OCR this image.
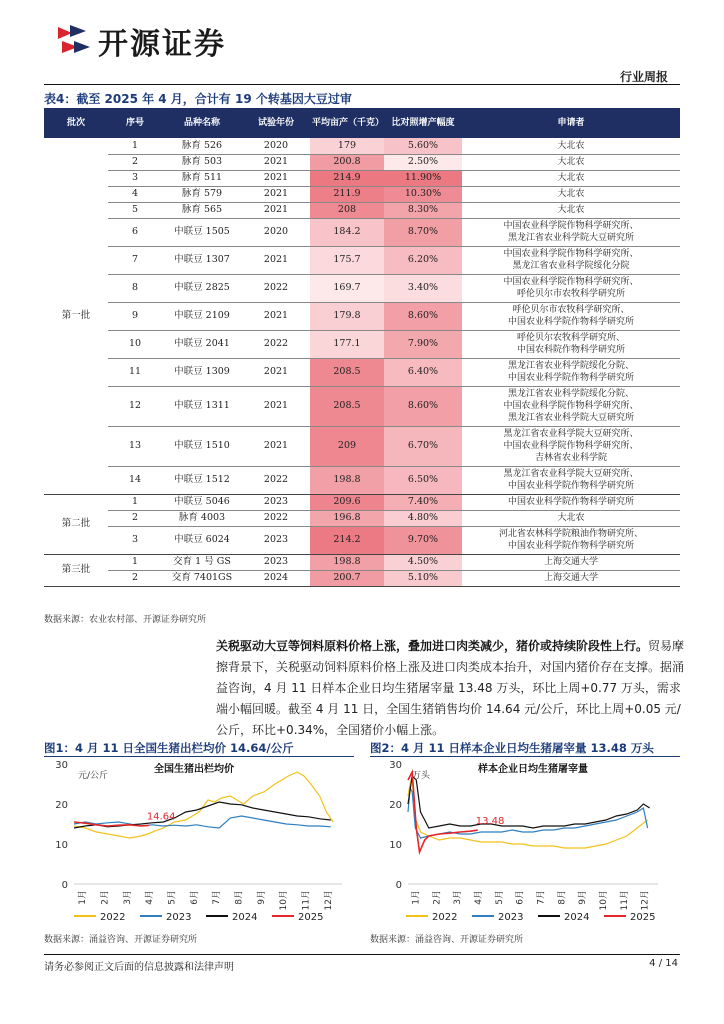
开源证券
行业周报
表4：截至 2025 年 4 月，合计有 19 个转基因大豆过审
批次	序号	品种名称	试验年份	平均亩产（千克）	比对照增产幅度	申请者
第一批	1	脉育 526	2020	179	5.60%	大北农

	2	脉育 503	2021	200.8	2.50%	大北农

	3	脉育 511	2021	214.9	11.90%	大北农

	4	脉育 579	2021	211.9	10.30%	大北农

	5	脉育 565	2021	208	8.30%	大北农

	6	中联豆 1505	2020	184.2	8.70%	中国农业科学院作物科学研究所、
黑龙江省农业科学院大豆研究所

	7	中联豆 1307	2021	175.7	6.20%	中国农业科学院作物科学研究所、
黑龙江省农业科学院绥化分院

	8	中联豆 2825	2022	169.7	3.40%	中国农业科学院作物科学研究所、
呼伦贝尔市农牧科学研究所

	9	中联豆 2109	2021	179.8	8.60%	呼伦贝尔市农牧科学研究所、
中国农业科学院作物科学研究所

	10	中联豆 2041	2022	177.1	7.90%	呼伦贝尔农牧科学研究所、
中国农科院作物科学研究所

	11	中联豆 1309	2021	208.5	6.40%	黑龙江省农业科学院绥化分院、
中国农业科学院作物科学研究所

	12	中联豆 1311	2021	208.5	8.60%	黑龙江省农业科学院绥化分院、
中国农业科学院作物科学研究所、
黑龙江省农业科学院大豆研究所

	13	中联豆 1510	2021	209	6.70%	黑龙江省农业科学院大豆研究所、
中国农业科学院作物科学研究所、
吉林省农业科学院

	14	中联豆 1512	2022	198.8	6.50%	黑龙江省农业科学院大豆研究所、
中国农业科学院作物科学研究所

第二批	1	中联豆 5046	2023	209.6	7.40%	中国农业科学院作物科学研究所

	2	脉育 4003	2022	196.8	4.80%	大北农

	3	中联豆 6024	2023	214.2	9.70%	河北省农林科学院粮油作物研究所、
中国农业科学院作物科学研究所

第三批	1	交育 1 号 GS	2023	198.8	4.50%	上海交通大学

	2	交育 7401GS	2024	200.7	5.10%	上海交通大学
数据来源：农业农村部、开源证券研究所
关税驱动大豆等饲料原料价格上涨，叠加进口肉类减少，猪价或持续阶段性上行。贸易摩擦背景下，关税驱动饲料原料价格上涨及进口肉类成本抬升，对国内猪价存在支撑。据涌益咨询，4 月 11 日样本企业日均生猪屠宰量 13.48 万头，环比上周+0.77 万头，需求端小幅回暖。截至 4 月 11 日，全国生猪销售均价 14.64 元/公斤，环比上周+0.05 元/公斤，环比+0.34%，全国猪价小幅上涨。
图1：4 月 11 日全国生猪出栏均价 14.64/公斤
0
10
20
30
1月 2月 3月 4月 5月 6月 7月 8月 9月 10月 11月 12月
元/公斤
全国生猪出栏均价
14.64
2022	2023	2024	2025
数据来源：涌益咨询、开源证券研究所
图2：4 月 11 日样本企业日均生猪屠宰量 13.48 万头
0
10
20
30
1月 2月 3月 4月 5月 6月 7月 8月 9月 10月 11月 12月
万头
样本企业日均生猪屠宰量
13.48
2022	2023	2024	2025
数据来源：涌益咨询、开源证券研究所
请务必参阅正文后面的信息披露和法律声明	4 / 14
